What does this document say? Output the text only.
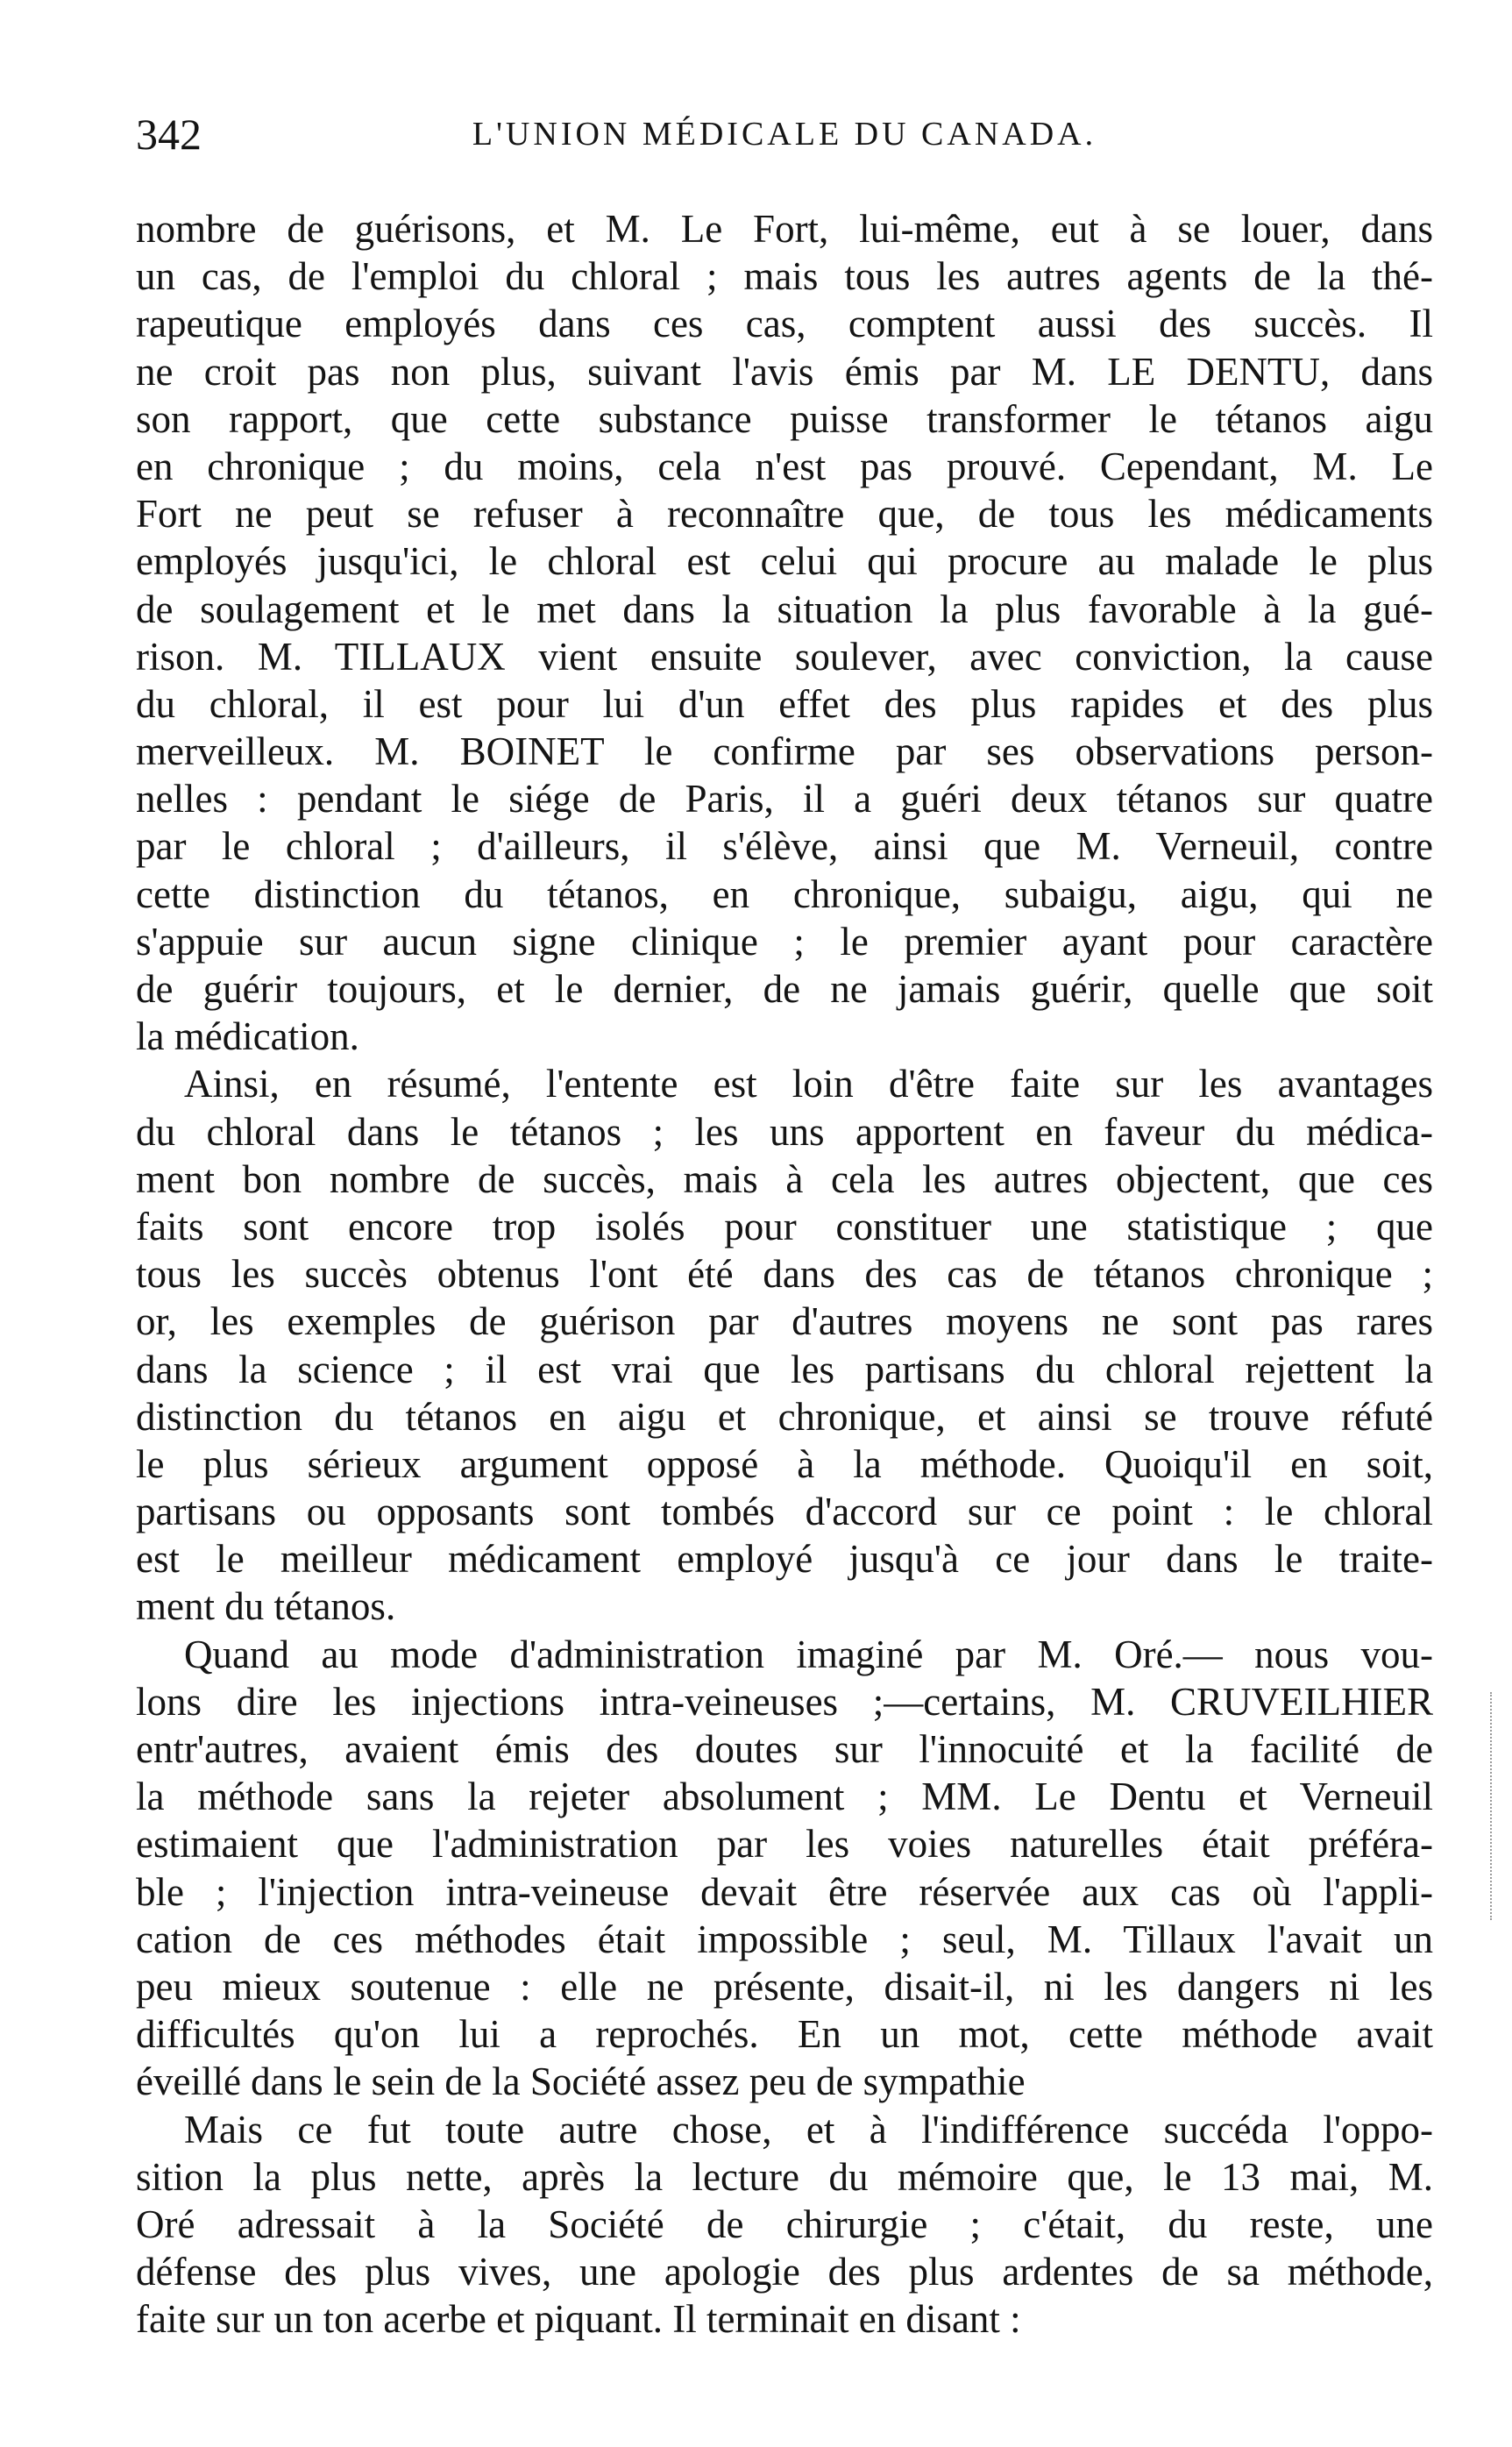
342	L'UNION MÉDICALE DU CANADA.
nombre de guérisons, et M. Le Fort, lui-même, eut à se louer, dans
un cas, de l'emploi du chloral ; mais tous les autres agents de la thé-
rapeutique employés dans ces cas, comptent aussi des succès. Il
ne croit pas non plus, suivant l'avis émis par M. LE DENTU, dans
son rapport, que cette substance puisse transformer le tétanos aigu
en chronique ; du moins, cela n'est pas prouvé. Cependant, M. Le
Fort ne peut se refuser à reconnaître que, de tous les médicaments
employés jusqu'ici, le chloral est celui qui procure au malade le plus
de soulagement et le met dans la situation la plus favorable à la gué-
rison. M. TILLAUX vient ensuite soulever, avec conviction, la cause
du chloral, il est pour lui d'un effet des plus rapides et des plus
merveilleux. M. BOINET le confirme par ses observations person-
nelles : pendant le siége de Paris, il a guéri deux tétanos sur quatre
par le chloral ; d'ailleurs, il s'élève, ainsi que M. Verneuil, contre
cette distinction du tétanos, en chronique, subaigu, aigu, qui ne
s'appuie sur aucun signe clinique ; le premier ayant pour caractère
de guérir toujours, et le dernier, de ne jamais guérir, quelle que soit
la médication.
Ainsi, en résumé, l'entente est loin d'être faite sur les avantages
du chloral dans le tétanos ; les uns apportent en faveur du médica-
ment bon nombre de succès, mais à cela les autres objectent, que ces
faits sont encore trop isolés pour constituer une statistique ; que
tous les succès obtenus l'ont été dans des cas de tétanos chronique ;
or, les exemples de guérison par d'autres moyens ne sont pas rares
dans la science ; il est vrai que les partisans du chloral rejettent la
distinction du tétanos en aigu et chronique, et ainsi se trouve réfuté
le plus sérieux argument opposé à la méthode. Quoiqu'il en soit,
partisans ou opposants sont tombés d'accord sur ce point : le chloral
est le meilleur médicament employé jusqu'à ce jour dans le traite-
ment du tétanos.
Quand au mode d'administration imaginé par M. Oré.— nous vou-
lons dire les injections intra-veineuses ;—certains, M. CRUVEILHIER
entr'autres, avaient émis des doutes sur l'innocuité et la facilité de
la méthode sans la rejeter absolument ; MM. Le Dentu et Verneuil
estimaient que l'administration par les voies naturelles était préféra-
ble ; l'injection intra-veineuse devait être réservée aux cas où l'appli-
cation de ces méthodes était impossible ; seul, M. Tillaux l'avait un
peu mieux soutenue : elle ne présente, disait-il, ni les dangers ni les
difficultés qu'on lui a reprochés. En un mot, cette méthode avait
éveillé dans le sein de la Société assez peu de sympathie
Mais ce fut toute autre chose, et à l'indifférence succéda l'oppo-
sition la plus nette, après la lecture du mémoire que, le 13 mai, M.
Oré adressait à la Société de chirurgie ; c'était, du reste, une
défense des plus vives, une apologie des plus ardentes de sa méthode,
faite sur un ton acerbe et piquant. Il terminait en disant :
